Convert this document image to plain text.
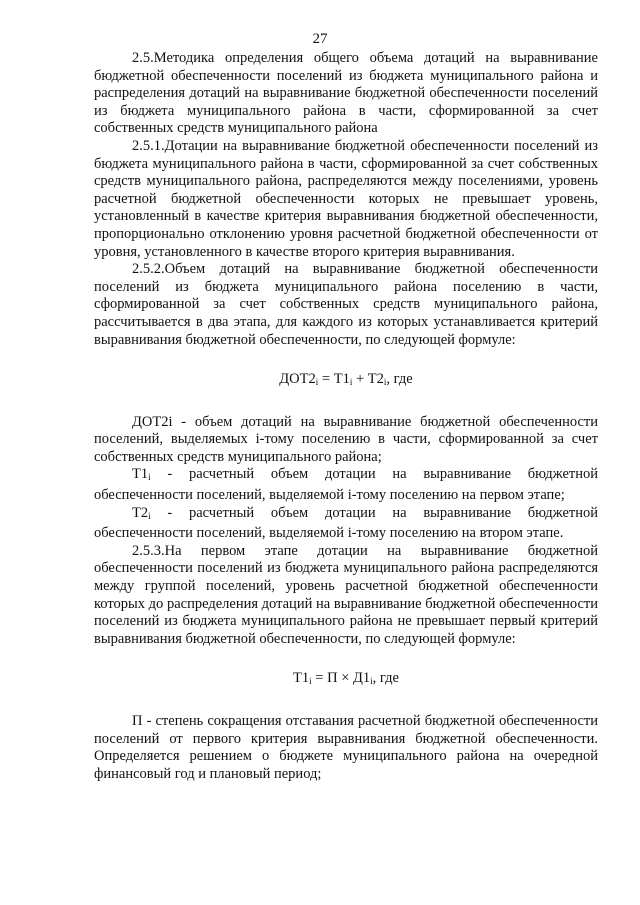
27

2.5.Методика определения общего объема дотаций на выравнивание бюджетной обеспеченности поселений из бюджета муниципального района и распределения дотаций на выравнивание бюджетной обеспеченности поселений из бюджета муниципального района в части, сформированной за счет собственных средств муниципального района

2.5.1.Дотации на выравнивание бюджетной обеспеченности поселений из бюджета муниципального района в части, сформированной за счет собственных средств муниципального района, распределяются между поселениями, уровень расчетной бюджетной обеспеченности которых не превышает уровень, установленный в качестве критерия выравнивания бюджетной обеспеченности, пропорционально отклонению уровня расчетной бюджетной обеспеченности от уровня, установленного в качестве второго критерия выравнивания.

2.5.2.Объем дотаций на выравнивание бюджетной обеспеченности поселений из бюджета муниципального района поселению в части, сформированной за счет собственных средств муниципального района, рассчитывается в два этапа, для каждого из которых устанавливается критерий выравнивания бюджетной обеспеченности, по следующей формуле:

$ДОТ2_i = Т1_i + Т2_i$, где

ДОТ2i - объем дотаций на выравнивание бюджетной обеспеченности поселений, выделяемых i-тому поселению в части, сформированной за счет собственных средств муниципального района;

$Т1_i$ - расчетный объем дотации на выравнивание бюджетной обеспеченности поселений, выделяемой i-тому поселению на первом этапе;

$Т2_i$ - расчетный объем дотации на выравнивание бюджетной обеспеченности поселений, выделяемой i-тому поселению на втором этапе.

2.5.3.На первом этапе дотации на выравнивание бюджетной обеспеченности поселений из бюджета муниципального района распределяются между группой поселений, уровень расчетной бюджетной обеспеченности которых до распределения дотаций на выравнивание бюджетной обеспеченности поселений из бюджета муниципального района не превышает первый критерий выравнивания бюджетной обеспеченности, по следующей формуле:

$Т1_i = П \times Д1_i$, где

П - степень сокращения отставания расчетной бюджетной обеспеченности поселений от первого критерия выравнивания бюджетной обеспеченности. Определяется решением о бюджете муниципального района на очередной финансовый год и плановый период;
